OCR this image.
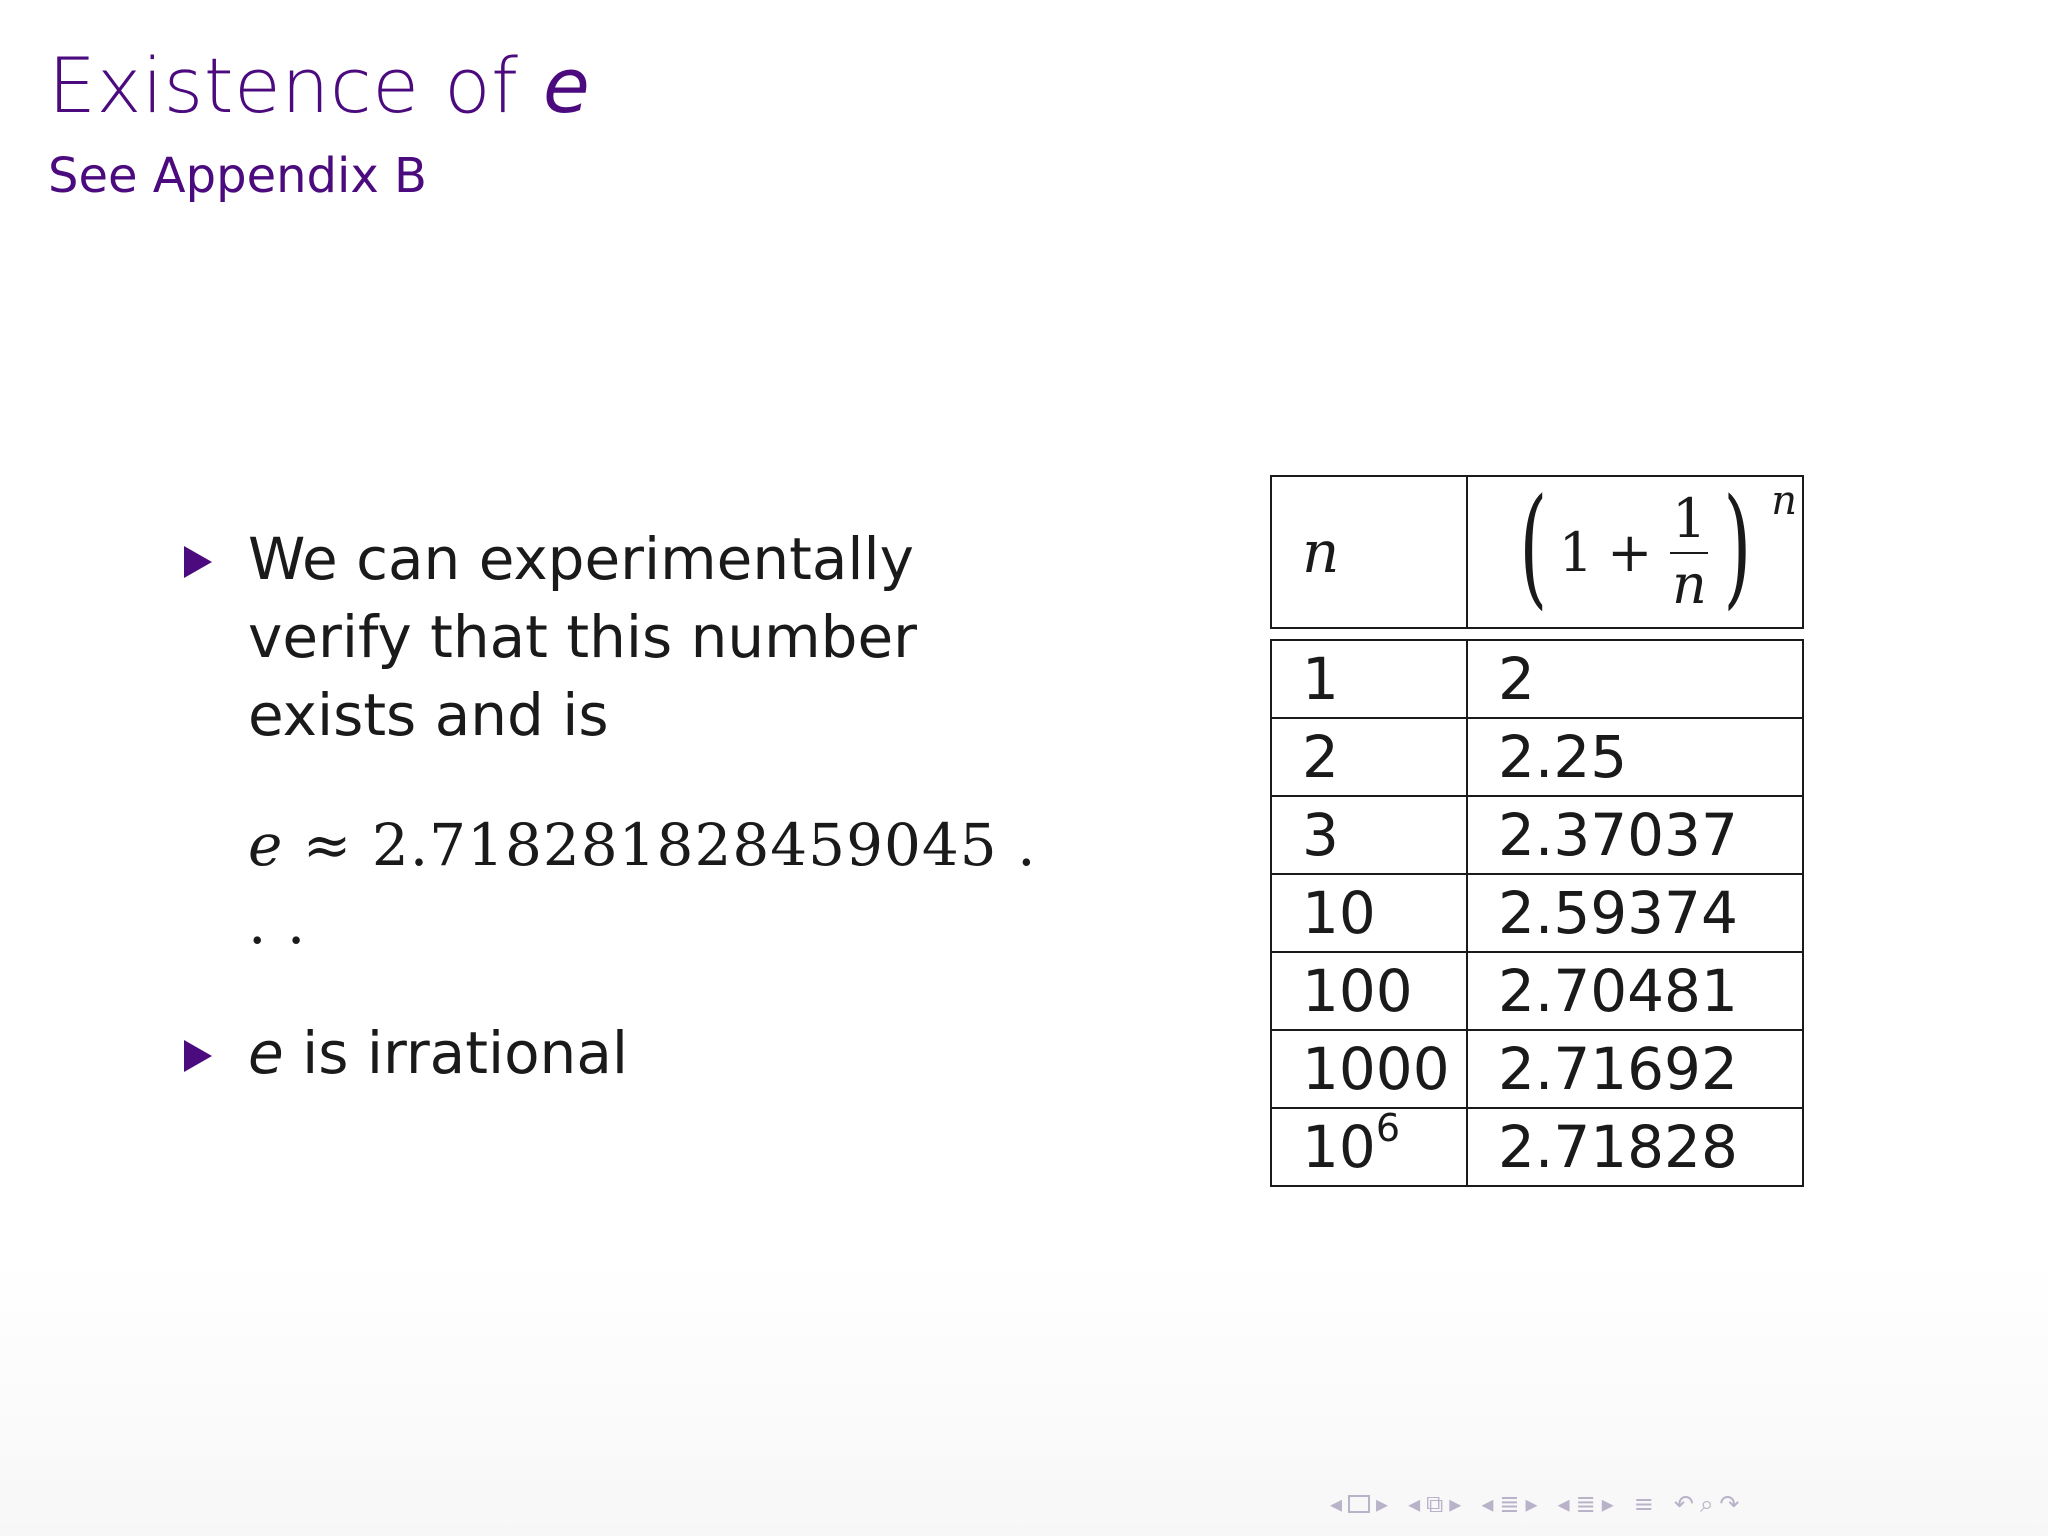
Existence of e
See Appendix B
We can experimentally verify that this number exists and is
e ≈ 2.718281828459045 . . .
e is irrational
n	( $1 + \frac{1}{n}$ ) n
1	2
2	2.25
3	2.37037
10	2.59374
100	2.70481
1000	2.71692
$10^6$	2.71828
◂ ▸ ◂ ⧉ ▸ ◂ ≣ ▸ ◂ ≣ ▸ ≡ ↶ ⌕ ↷
